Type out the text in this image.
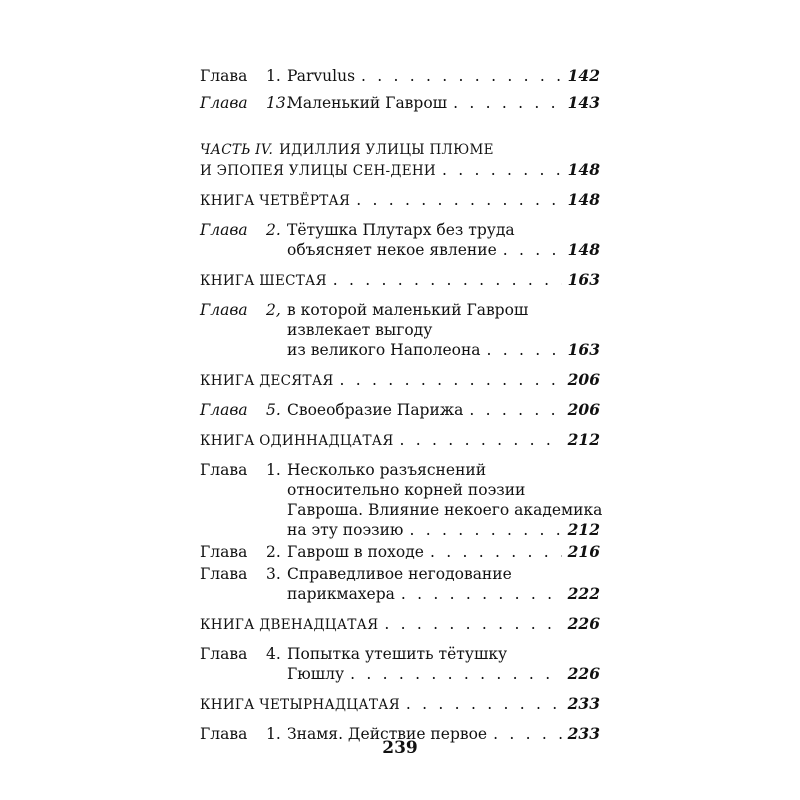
Глава 1. Parvulus . . .	142
Глава 13.
Маленький Гаврош . . .	143
ЧАСТЬ IV. ИДИЛЛИЯ УЛИЦЫ ПЛЮМЕ
И ЭПОПЕЯ УЛИЦЫ СЕН-ДЕНИ . . .	148
КНИГА ЧЕТВЁРТАЯ . . .	148
Глава 2. Тётушка Плутарх без труда
объясняет некое явление . . .	148
КНИГА ШЕСТАЯ . . .	163
Глава 2, в которой маленький Гаврош
извлекает выгоду
из великого Наполеона . . .	163
КНИГА ДЕСЯТАЯ . . .	206
Глава 5. Своеобразие Парижа . . .	206
КНИГА ОДИННАДЦАТАЯ . . .	212
Глава 1. Несколько разъяснений
относительно корней поэзии
Гавроша. Влияние некоего академика
на эту поэзию . . .	212
Глава 2. Гаврош в походе . . .	216
Глава 3. Справедливое негодование
парикмахера . . .	222
КНИГА ДВЕНАДЦАТАЯ . . .	226
Глава 4. Попытка утешить тётушку
Гюшлу . . .	226
КНИГА ЧЕТЫРНАДЦАТАЯ . . .	233
Глава 1. Знамя. Действие первое . . .	233
239
